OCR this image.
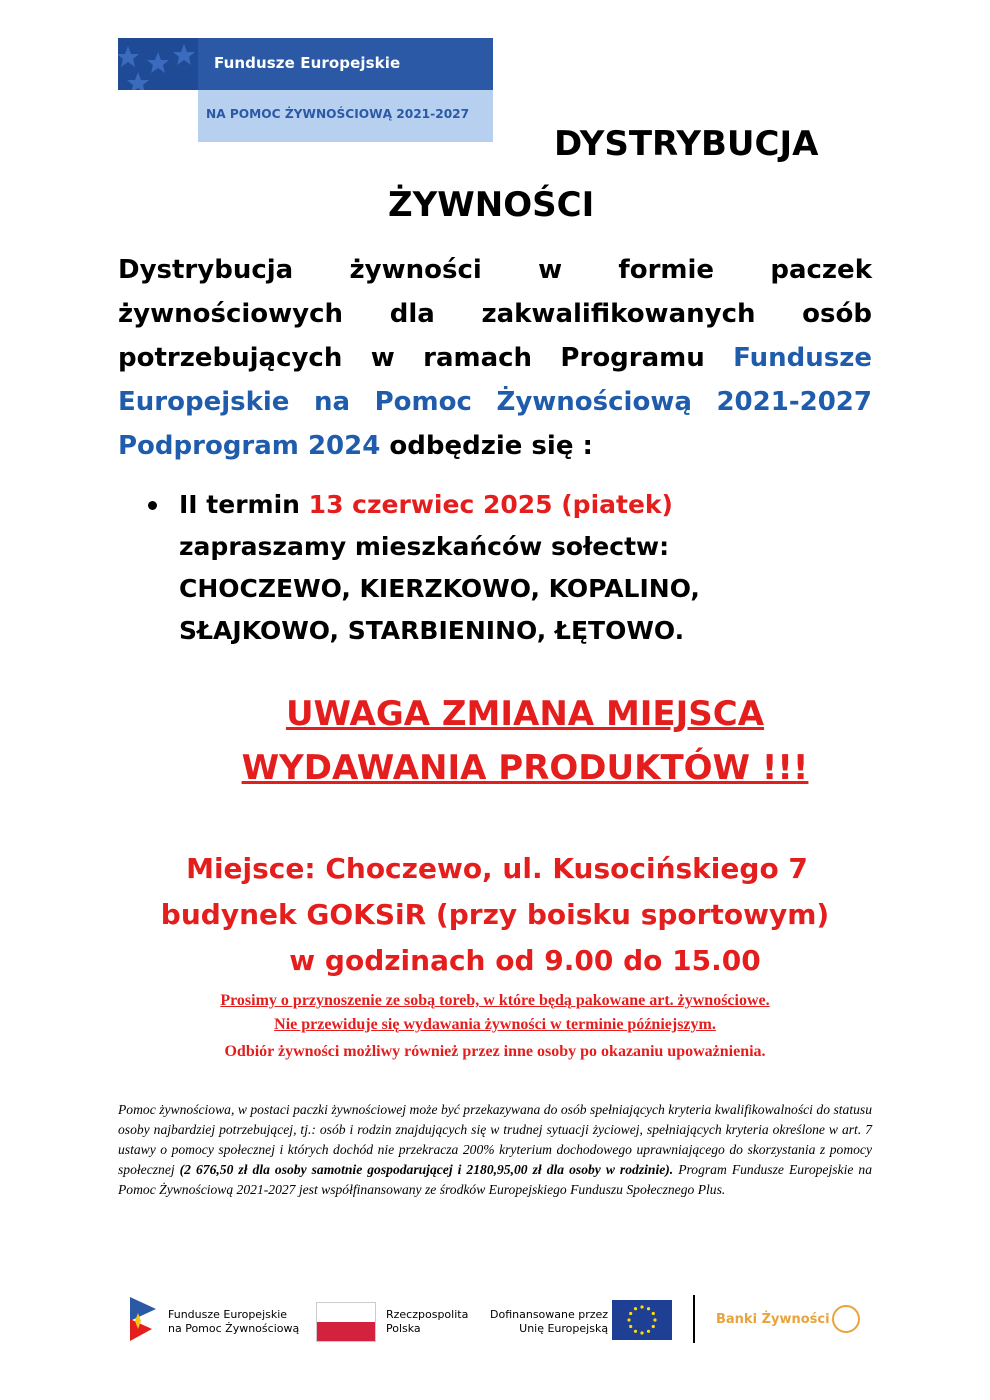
Fundusze Europejskie
NA POMOC ŻYWNOŚCIOWĄ 2021-2027
DYSTRYBUCJA
ŻYWNOŚCI
Dystrybucja żywności w formie paczek żywnościowych dla zakwalifikowanych osób potrzebujących w ramach Programu Fundusze Europejskie na Pomoc Żywnościową 2021-2027 Podprogram 2024 odbędzie się :
II termin 13 czerwiec 2025 (piatek)
zapraszamy mieszkańców sołectw:
CHOCZEWO, KIERZKOWO, KOPALINO,
SŁAJKOWO, STARBIENINO, ŁĘTOWO.
UWAGA ZMIANA MIEJSCA
WYDAWANIA PRODUKTÓW !!!
Miejsce: Choczewo, ul. Kusocińskiego 7
budynek GOKSiR (przy boisku sportowym)
w godzinach od 9.00 do 15.00
Prosimy o przynoszenie ze sobą toreb, w które będą pakowane art. żywnościowe.
Nie przewiduje się wydawania żywności w terminie późniejszym.
Odbiór żywności możliwy również przez inne osoby po okazaniu upoważnienia.
Pomoc żywnościowa, w postaci paczki żywnościowej może być przekazywana do osób spełniających kryteria kwalifikowalności do statusu osoby najbardziej potrzebującej, tj.: osób i rodzin znajdujących się w trudnej sytuacji życiowej, spełniających kryteria określone w art. 7 ustawy o pomocy społecznej i których dochód nie przekracza 200% kryterium dochodowego uprawniającego do skorzystania z pomocy społecznej (2 676,50 zł dla osoby samotnie gospodarującej i 2180,95,00 zł dla osoby w rodzinie). Program Fundusze Europejskie na Pomoc Żywnościową 2021-2027 jest współfinansowany ze środków Europejskiego Funduszu Społecznego Plus.
Fundusze Europejskie
na Pomoc Żywnościową
Rzeczpospolita
Polska
Dofinansowane przez
Unię Europejską
Banki Żywności
